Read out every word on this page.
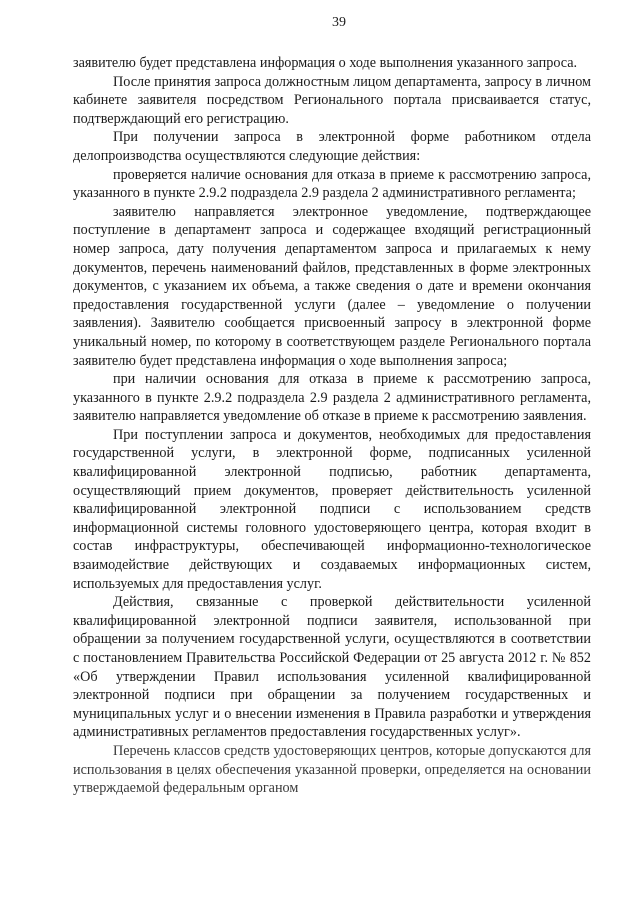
39

заявителю будет представлена информация о ходе выполнения указанного запроса.

После принятия запроса должностным лицом департамента, запросу в личном кабинете заявителя посредством Регионального портала присваивается статус, подтверждающий его регистрацию.

При получении запроса в электронной форме работником отдела делопроизводства осуществляются следующие действия:

проверяется наличие основания для отказа в приеме к рассмотрению запроса, указанного в пункте 2.9.2 подраздела 2.9 раздела 2 административного регламента;

заявителю направляется электронное уведомление, подтверждающее поступление в департамент запроса и содержащее входящий регистрационный номер запроса, дату получения департаментом запроса и прилагаемых к нему документов, перечень наименований файлов, представленных в форме электронных документов, с указанием их объема, а также сведения о дате и времени окончания предоставления государственной услуги (далее – уведомление о получении заявления). Заявителю сообщается присвоенный запросу в электронной форме уникальный номер, по которому в соответствующем разделе Регионального портала заявителю будет представлена информация о ходе выполнения запроса;

при наличии основания для отказа в приеме к рассмотрению запроса, указанного в пункте 2.9.2 подраздела 2.9 раздела 2 административного регламента, заявителю направляется уведомление об отказе в приеме к рассмотрению заявления.

При поступлении запроса и документов, необходимых для предоставления государственной услуги, в электронной форме, подписанных усиленной квалифицированной электронной подписью, работник департамента, осуществляющий прием документов, проверяет действительность усиленной квалифицированной электронной подписи с использованием средств информационной системы головного удостоверяющего центра, которая входит в состав инфраструктуры, обеспечивающей информационно-технологическое взаимодействие действующих и создаваемых информационных систем, используемых для предоставления услуг.

Действия, связанные с проверкой действительности усиленной квалифицированной электронной подписи заявителя, использованной при обращении за получением государственной услуги, осуществляются в соответствии с постановлением Правительства Российской Федерации от 25 августа 2012 г. № 852 «Об утверждении Правил использования усиленной квалифицированной электронной подписи при обращении за получением государственных и муниципальных услуг и о внесении изменения в Правила разработки и утверждения административных регламентов предоставления государственных услуг».

Перечень классов средств удостоверяющих центров, которые допускаются для использования в целях обеспечения указанной проверки, определяется на основании утверждаемой федеральным органом
